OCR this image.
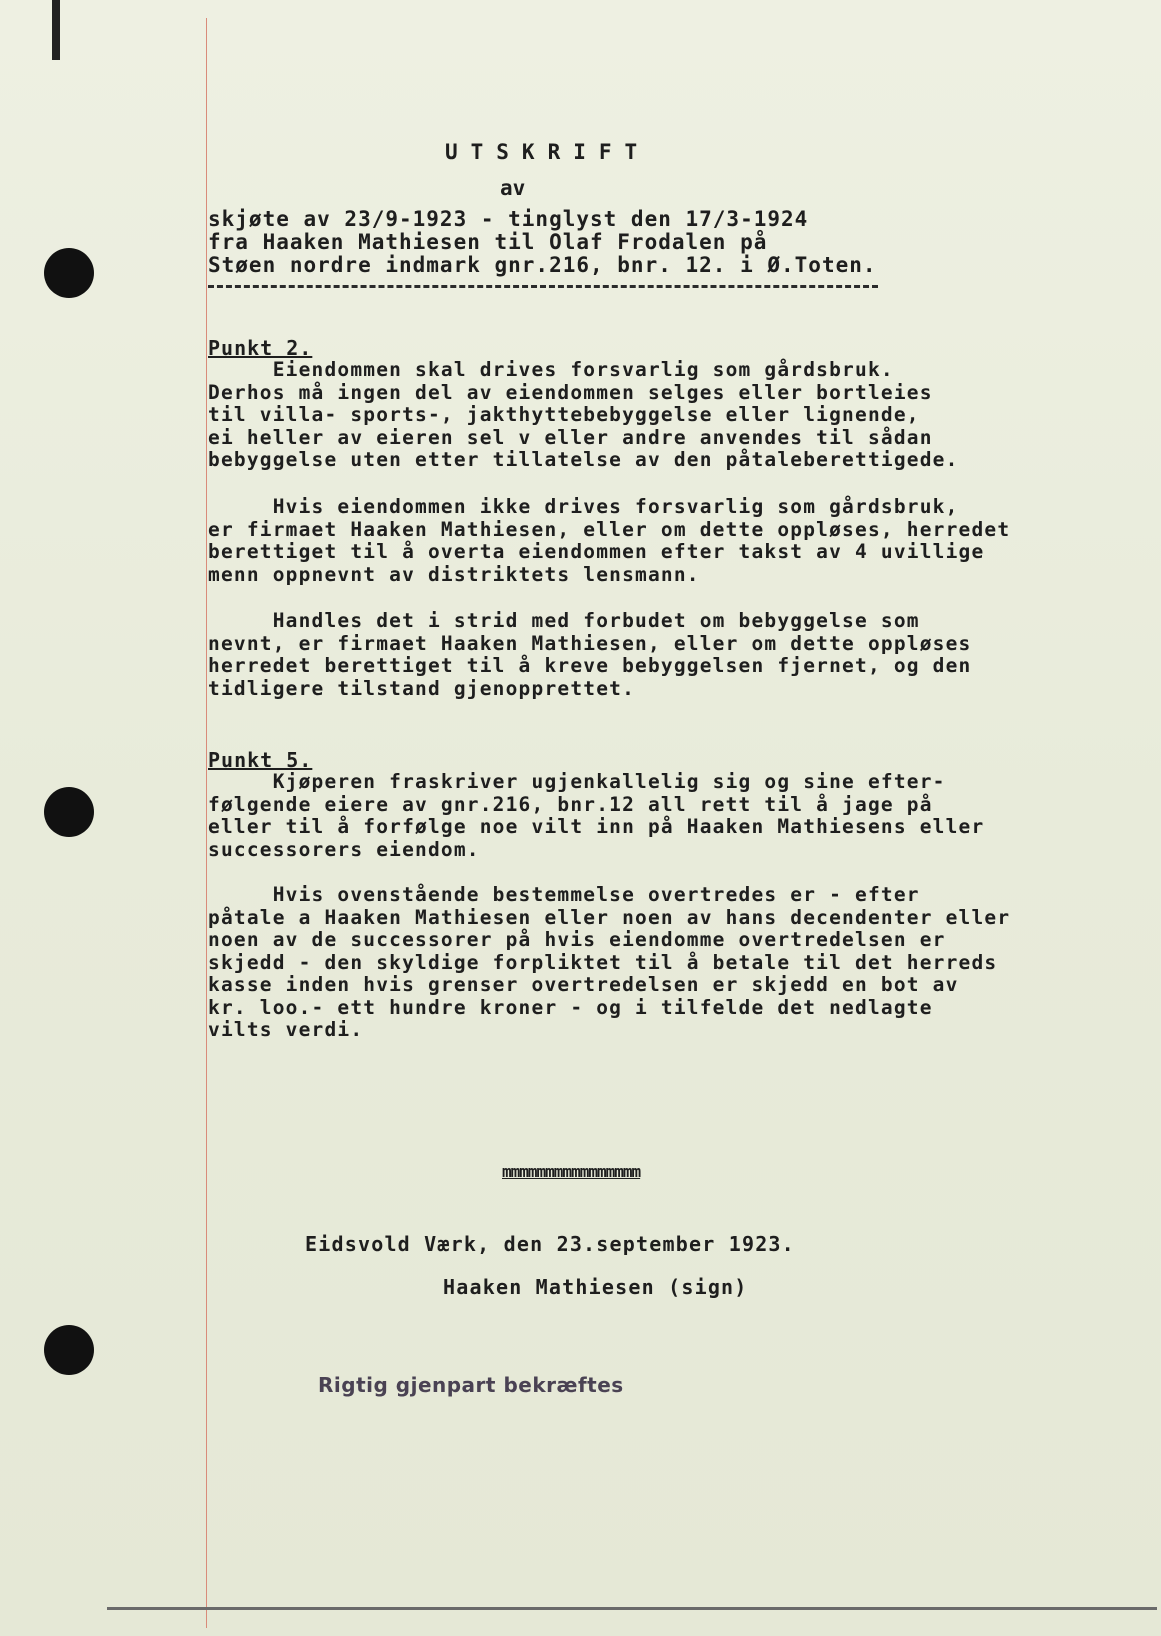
UTSKRIFT
av
skjøte av 23/9-1923 - tinglyst den 17/3-1924
fra Haaken Mathiesen til Olaf Frodalen på
Støen nordre indmark gnr.216, bnr. 12. i Ø.Toten.
Punkt 2.
Eiendommen skal drives forsvarlig som gårdsbruk.
Derhos må ingen del av eiendommen selges eller bortleies
til villa- sports-, jakthyttebebyggelse eller lignende,
ei heller av eieren sel v eller andre anvendes til sådan
bebyggelse uten etter tillatelse av den påtaleberettigede.
Hvis eiendommen ikke drives forsvarlig som gårdsbruk,
er firmaet Haaken Mathiesen, eller om dette oppløses, herredet
berettiget til å overta eiendommen efter takst av 4 uvillige
menn oppnevnt av distriktets lensmann.
Handles det i strid med forbudet om bebyggelse som
nevnt, er firmaet Haaken Mathiesen, eller om dette oppløses
herredet berettiget til å kreve bebyggelsen fjernet, og den
tidligere tilstand gjenopprettet.
Punkt 5.
Kjøperen fraskriver ugjenkallelig sig og sine efter-
følgende eiere av gnr.216, bnr.12 all rett til å jage på
eller til å forfølge noe vilt inn på Haaken Mathiesens eller
successorers eiendom.
Hvis ovenstående bestemmelse overtredes er - efter
påtale a Haaken Mathiesen eller noen av hans decendenter eller
noen av de successorer på hvis eiendomme overtredelsen er
skjedd - den skyldige forpliktet til å betale til det herreds
kasse inden hvis grenser overtredelsen er skjedd en bot av
kr. loo.- ett hundre kroner - og i tilfelde det nedlagte
vilts verdi.
mmmmmmmmmmmmmmmm
Eidsvold Værk, den 23.september 1923.
Haaken Mathiesen (sign)
Rigtig gjenpart bekræftes
